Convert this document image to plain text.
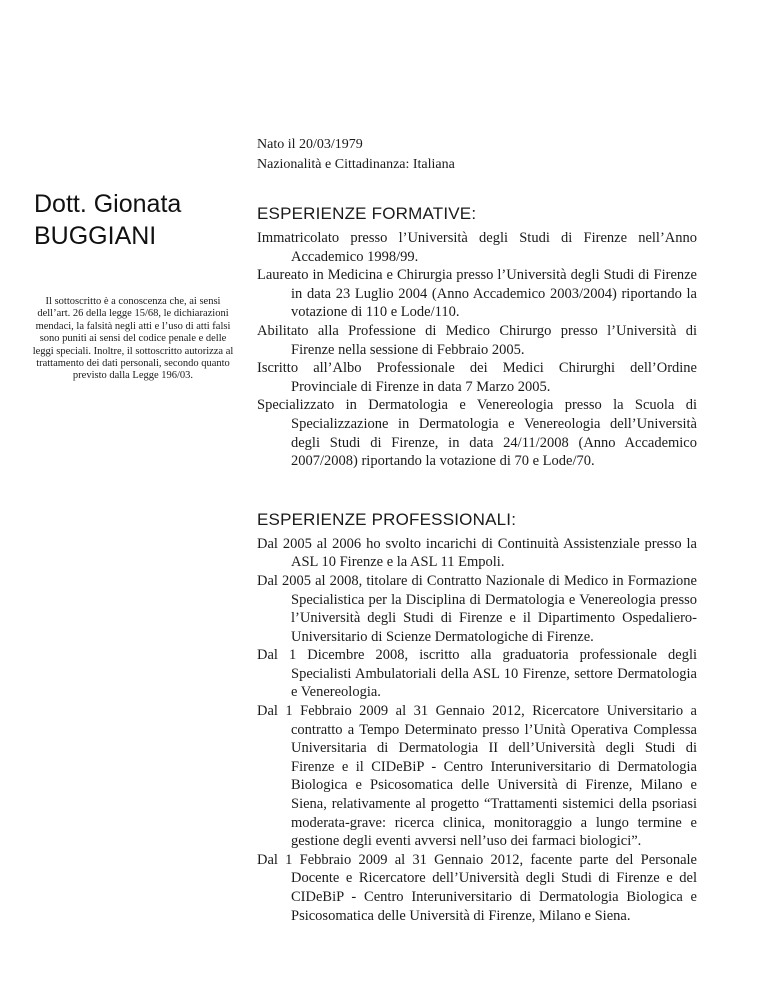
Dott. Gionata
BUGGIANI
Il sottoscritto è a conoscenza che, ai sensi dell’art. 26 della legge 15/68, le dichiarazioni mendaci, la falsità negli atti e l’uso di atti falsi sono puniti ai sensi del codice penale e delle leggi speciali. Inoltre, il sottoscritto autorizza al trattamento dei dati personali, secondo quanto previsto dalla Legge 196/03.
Nato il 20/03/1979
Nazionalità e Cittadinanza: Italiana
ESPERIENZE FORMATIVE:
Immatricolato presso l’Università degli Studi di Firenze nell’Anno Accademico 1998/99.
Laureato in Medicina e Chirurgia presso l’Università degli Studi di Firenze in data 23 Luglio 2004 (Anno Accademico 2003/2004) riportando la votazione di 110 e Lode/110.
Abilitato alla Professione di Medico Chirurgo presso l’Università di Firenze nella sessione di Febbraio 2005.
Iscritto all’Albo Professionale dei Medici Chirurghi dell’Ordine Provinciale di Firenze in data 7 Marzo 2005.
Specializzato in Dermatologia e Venereologia presso la Scuola di Specializzazione in Dermatologia e Venereologia dell’Università degli Studi di Firenze, in data 24/11/2008 (Anno Accademico 2007/2008) riportando la votazione di 70 e Lode/70.
ESPERIENZE PROFESSIONALI:
Dal 2005 al 2006 ho svolto incarichi di Continuità Assistenziale presso la ASL 10 Firenze e la ASL 11 Empoli.
Dal 2005 al 2008, titolare di Contratto Nazionale di Medico in Formazione Specialistica per la Disciplina di Dermatologia e Venereologia presso l’Università degli Studi di Firenze e il Dipartimento Ospedaliero-Universitario di Scienze Dermatologiche di Firenze.
Dal 1 Dicembre 2008, iscritto alla graduatoria professionale degli Specialisti Ambulatoriali della ASL 10 Firenze, settore Dermatologia e Venereologia.
Dal 1 Febbraio 2009 al 31 Gennaio 2012, Ricercatore Universitario a contratto a Tempo Determinato presso l’Unità Operativa Complessa Universitaria di Dermatologia II dell’Università degli Studi di Firenze e il CIDeBiP - Centro Interuniversitario di Dermatologia Biologica e Psicosomatica delle Università di Firenze, Milano e Siena, relativamente al progetto “Trattamenti sistemici della psoriasi moderata-grave: ricerca clinica, monitoraggio a lungo termine e gestione degli eventi avversi nell’uso dei farmaci biologici”.
Dal 1 Febbraio 2009 al 31 Gennaio 2012, facente parte del Personale Docente e Ricercatore dell’Università degli Studi di Firenze e del CIDeBiP - Centro Interuniversitario di Dermatologia Biologica e Psicosomatica delle Università di Firenze, Milano e Siena.
